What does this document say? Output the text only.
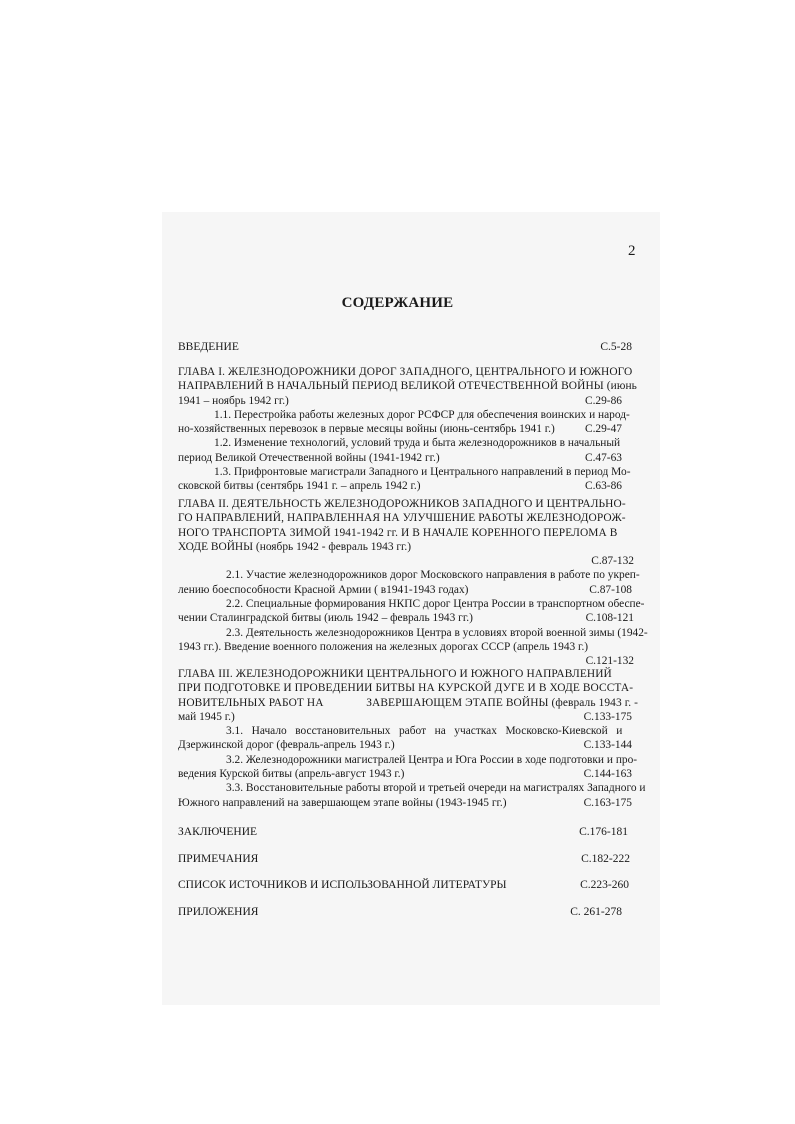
2
СОДЕРЖАНИЕ
ВВЕДЕНИЕ	С.5-28
ГЛАВА I. ЖЕЛЕЗНОДОРОЖНИКИ ДОРОГ ЗАПАДНОГО, ЦЕНТРАЛЬНОГО И ЮЖНОГО
НАПРАВЛЕНИЙ В НАЧАЛЬНЫЙ ПЕРИОД ВЕЛИКОЙ ОТЕЧЕСТВЕННОЙ ВОЙНЫ (июнь
1941 – ноябрь 1942 гг.)	С.29-86
1.1. Перестройка работы железных дорог РСФСР для обеспечения воинских и народ-
но-хозяйственных перевозок в первые месяцы войны (июнь-сентябрь 1941 г.)	С.29-47
1.2. Изменение технологий, условий труда и быта железнодорожников в начальный
период Великой Отечественной войны (1941-1942 гг.)	С.47-63
1.3. Прифронтовые магистрали Западного и Центрального направлений в период Мо-
сковской битвы (сентябрь 1941 г. – апрель 1942 г.)	С.63-86
ГЛАВА II. ДЕЯТЕЛЬНОСТЬ ЖЕЛЕЗНОДОРОЖНИКОВ ЗАПАДНОГО И ЦЕНТРАЛЬНО-
ГО НАПРАВЛЕНИЙ, НАПРАВЛЕННАЯ НА УЛУЧШЕНИЕ РАБОТЫ ЖЕЛЕЗНОДОРОЖ-
НОГО ТРАНСПОРТА ЗИМОЙ 1941-1942 гг. И В НАЧАЛЕ КОРЕННОГО ПЕРЕЛОМА В
ХОДЕ ВОЙНЫ (ноябрь 1942 - февраль 1943 гг.)
С.87-132
2.1. Участие железнодорожников дорог Московского направления в работе по укреп-
лению боеспособности Красной Армии ( в1941-1943 годах)	С.87-108
2.2. Специальные формирования НКПС дорог Центра России в транспортном обеспе-
чении Сталинградской битвы (июль 1942 – февраль 1943 гг.)	С.108-121
2.3. Деятельность железнодорожников Центра в условиях второй военной зимы (1942-
1943 гг.). Введение военного положения на железных дорогах СССР (апрель 1943 г.)
С.121-132
ГЛАВА III. ЖЕЛЕЗНОДОРОЖНИКИ ЦЕНТРАЛЬНОГО И ЮЖНОГО НАПРАВЛЕНИЙ
ПРИ ПОДГОТОВКЕ И ПРОВЕДЕНИИ БИТВЫ НА КУРСКОЙ ДУГЕ И В ХОДЕ ВОССТА-
НОВИТЕЛЬНЫХ РАБОТ НА	ЗАВЕРШАЮЩЕМ ЭТАПЕ ВОЙНЫ (февраль 1943 г. -
май 1945 г.)	С.133-175
3.1.   Начало   восстановительных   работ   на   участках   Московско-Киевской   и
Дзержинской дорог (февраль-апрель 1943 г.)	С.133-144
3.2. Железнодорожники магистралей Центра и Юга России в ходе подготовки и про-
ведения Курской битвы (апрель-август 1943 г.)	С.144-163
3.3. Восстановительные работы второй и третьей очереди на магистралях Западного и
Южного направлений на завершающем этапе войны (1943-1945 гг.)	С.163-175
ЗАКЛЮЧЕНИЕ	С.176-181
ПРИМЕЧАНИЯ	С.182-222
СПИСОК ИСТОЧНИКОВ И ИСПОЛЬЗОВАННОЙ ЛИТЕРАТУРЫ	С.223-260
ПРИЛОЖЕНИЯ	С. 261-278
